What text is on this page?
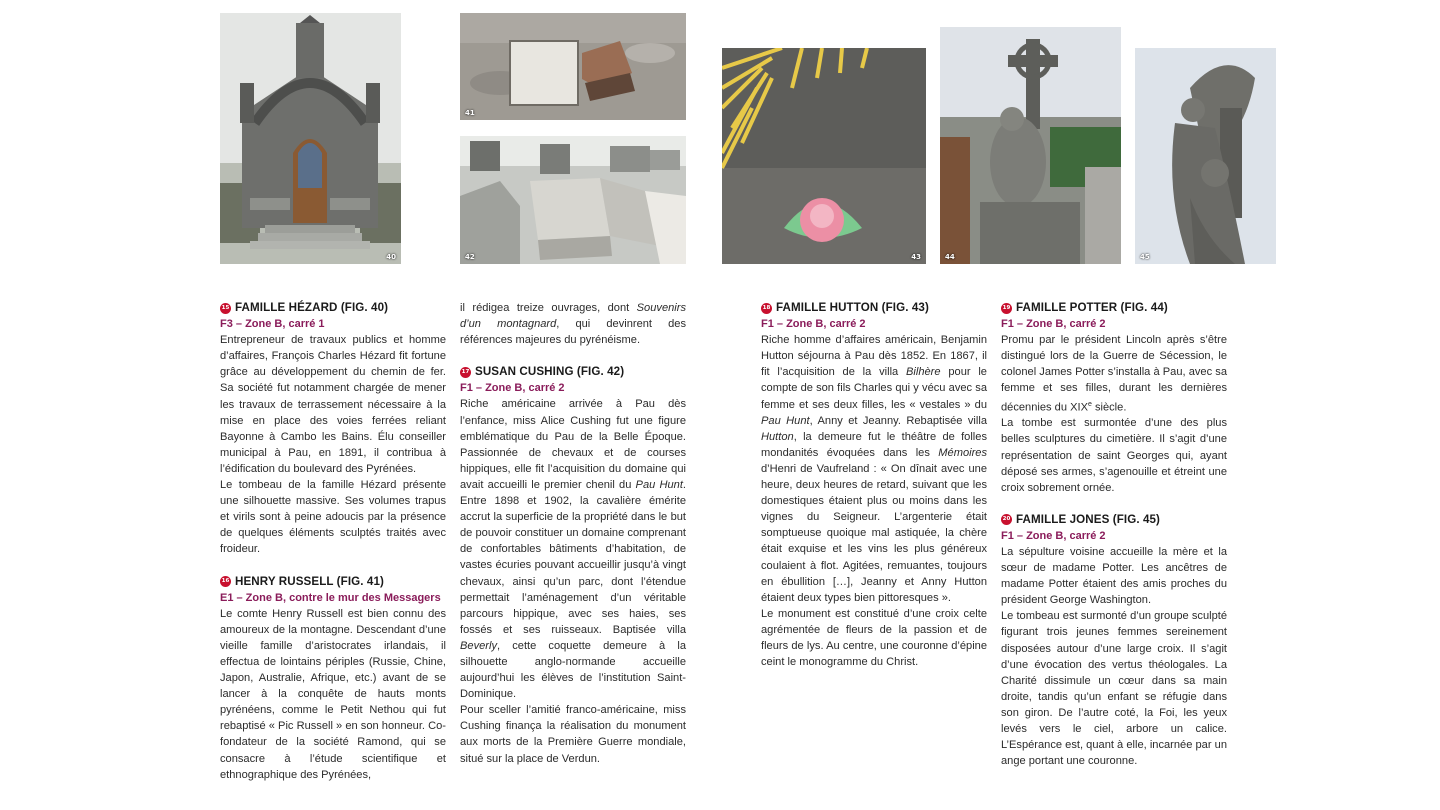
40
41
42	43	44	45
15 FAMILLE HÉZARD (FIG. 40)

F3 – Zone B, carré 1

Entrepreneur de travaux publics et homme d’affaires, François Charles Hézard fit fortune grâce au développement du chemin de fer. Sa société fut notamment chargée de mener les travaux de terrassement nécessaire à la mise en place des voies ferrées reliant Bayonne à Cambo les Bains. Élu conseiller municipal à Pau, en 1891, il contribua à l’édification du boulevard des Pyrénées.

Le tombeau de la famille Hézard présente une silhouette massive. Ses volumes trapus et virils sont à peine adoucis par la présence de quelques éléments sculptés traités avec froideur.

16 HENRY RUSSELL (FIG. 41)

E1 – Zone B, contre le mur des Messagers

Le comte Henry Russell est bien connu des amoureux de la montagne. Descendant d’une vieille famille d’aristocrates irlandais, il effectua de lointains périples (Russie, Chine, Japon, Australie, Afrique, etc.) avant de se lancer à la conquête de hauts monts pyrénéens, comme le Petit Nethou qui fut rebaptisé « Pic Russell » en son honneur. Co-fondateur de la société Ramond, qui se consacre à l’étude scientifique et ethnographique des Pyrénées,

il rédigea treize ouvrages, dont Souvenirs d’un montagnard, qui devinrent des références majeures du pyrénéisme.

17 SUSAN CUSHING (FIG. 42)

F1 – Zone B, carré 2

Riche américaine arrivée à Pau dès l’enfance, miss Alice Cushing fut une figure emblématique du Pau de la Belle Époque. Passionnée de chevaux et de courses hippiques, elle fit l’acquisition du domaine qui avait accueilli le premier chenil du Pau Hunt. Entre 1898 et 1902, la cavalière émérite accrut la superficie de la propriété dans le but de pouvoir constituer un domaine comprenant de confortables bâtiments d’habitation, de vastes écuries pouvant accueillir jusqu’à vingt chevaux, ainsi qu’un parc, dont l’étendue permettait l’aménagement d’un véritable parcours hippique, avec ses haies, ses fossés et ses ruisseaux. Baptisée villa Beverly, cette coquette demeure à la silhouette anglo-normande accueille aujourd’hui les élèves de l’institution Saint-Dominique.

Pour sceller l’amitié franco-américaine, miss Cushing finança la réalisation du monument aux morts de la Première Guerre mondiale, situé sur la place de Verdun.

18 FAMILLE HUTTON (FIG. 43)

F1 – Zone B, carré 2

Riche homme d’affaires américain, Benjamin Hutton séjourna à Pau dès 1852. En 1867, il fit l’acquisition de la villa Bilhère pour le compte de son fils Charles qui y vécu avec sa femme et ses deux filles, les « vestales » du Pau Hunt, Anny et Jeanny. Rebaptisée villa Hutton, la demeure fut le théâtre de folles mondanités évoquées dans les Mémoires d’Henri de Vaufreland : « On dînait avec une heure, deux heures de retard, suivant que les domestiques étaient plus ou moins dans les vignes du Seigneur. L’argenterie était somptueuse quoique mal astiquée, la chère était exquise et les vins les plus généreux coulaient à flot. Agitées, remuantes, toujours en ébullition […], Jeanny et Anny Hutton étaient deux types bien pittoresques ».

Le monument est constitué d’une croix celte agrémentée de fleurs de la passion et de fleurs de lys. Au centre, une couronne d’épine ceint le monogramme du Christ.

19 FAMILLE POTTER (FIG. 44)

F1 – Zone B, carré 2

Promu par le président Lincoln après s’être distingué lors de la Guerre de Sécession, le colonel James Potter s’installa à Pau, avec sa femme et ses filles, durant les dernières décennies du XIXe siècle.

La tombe est surmontée d’une des plus belles sculptures du cimetière. Il s’agit d’une représentation de saint Georges qui, ayant déposé ses armes, s’agenouille et étreint une croix sobrement ornée.

20 FAMILLE JONES (FIG. 45)

F1 – Zone B, carré 2

La sépulture voisine accueille la mère et la sœur de madame Potter. Les ancêtres de madame Potter étaient des amis proches du président George Washington.

Le tombeau est surmonté d’un groupe sculpté figurant trois jeunes femmes sereinement disposées autour d’une large croix. Il s’agit d’une évocation des vertus théologales. La Charité dissimule un cœur dans sa main droite, tandis qu’un enfant se réfugie dans son giron. De l’autre coté, la Foi, les yeux levés vers le ciel, arbore un calice. L’Espérance est, quant à elle, incarnée par un ange portant une couronne.
